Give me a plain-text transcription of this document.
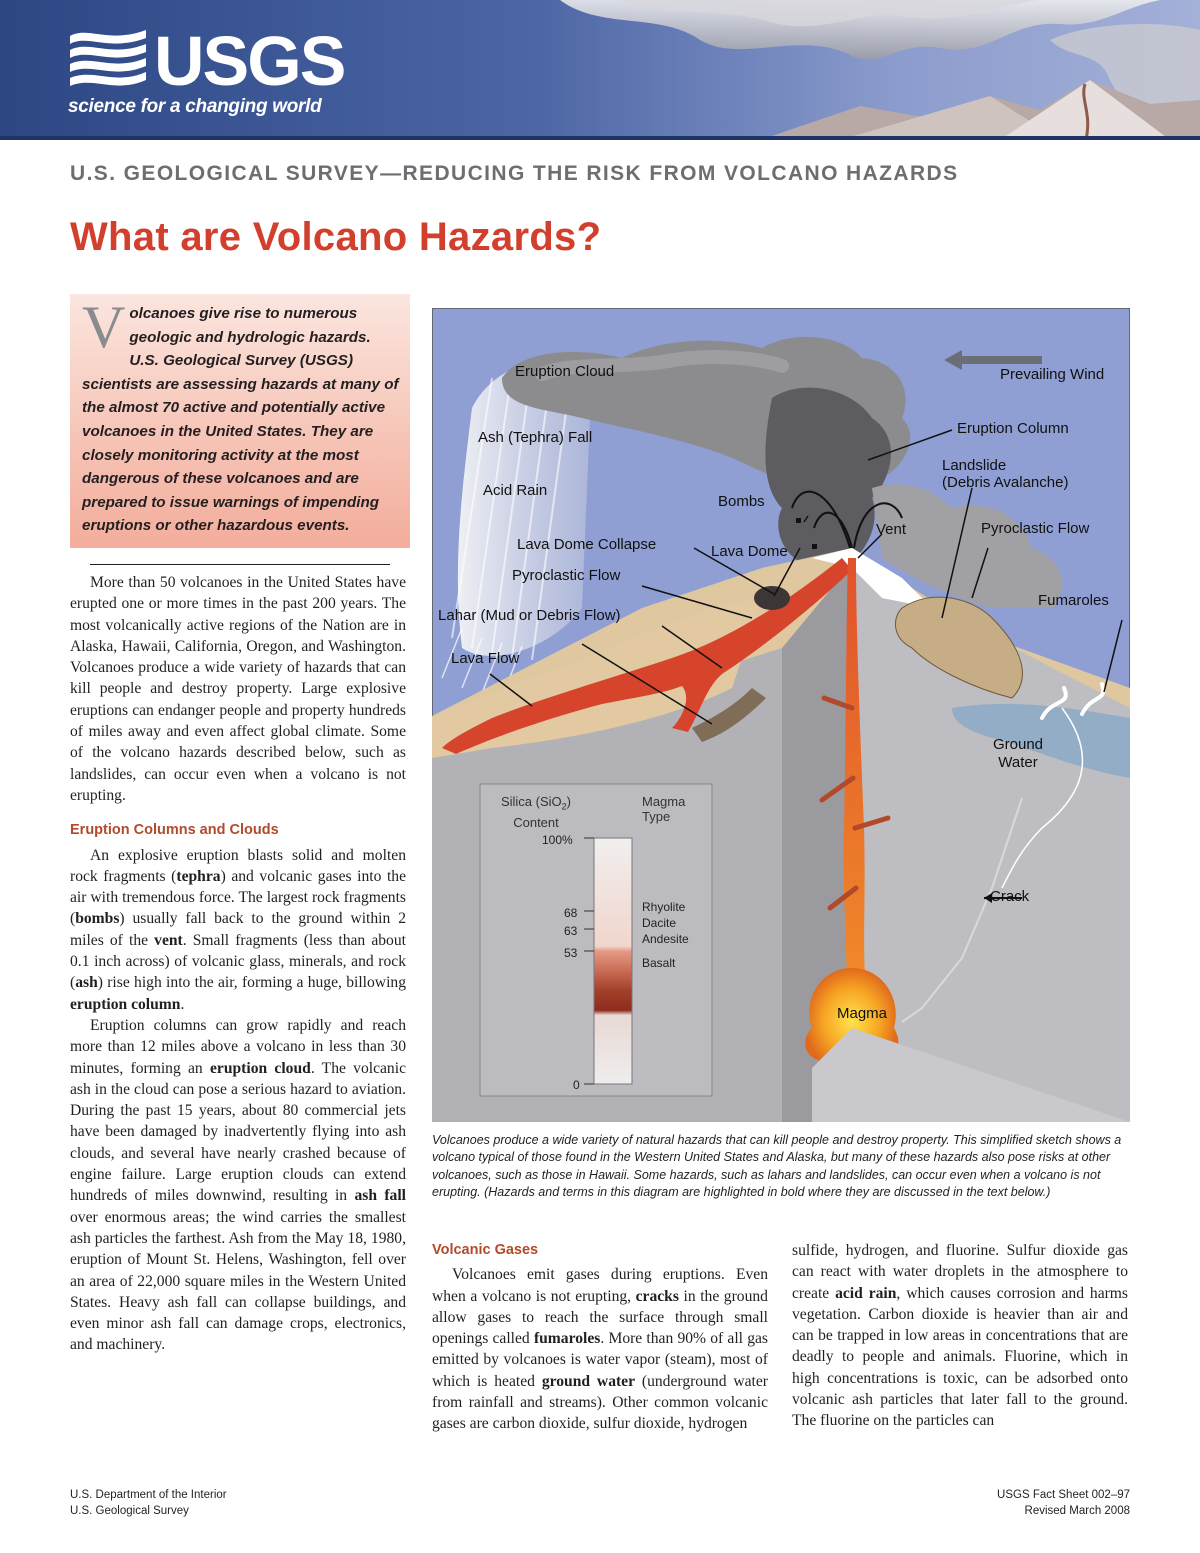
USGS
science for a changing world
U.S. GEOLOGICAL SURVEY—REDUCING THE RISK FROM VOLCANO HAZARDS
What are Volcano Hazards?

Volcanoes give rise to numerous geologic and hydrologic hazards. U.S. Geological Survey (USGS) scientists are assessing hazards at many of the almost 70 active and potentially active volcanoes in the United States. They are closely monitoring activity at the most dangerous of these volcanoes and are prepared to issue warnings of impending eruptions or other hazardous events.

More than 50 volcanoes in the United States have erupted one or more times in the past 200 years. The most volcanically active regions of the Nation are in Alaska, Hawaii, California, Oregon, and Washington. Volcanoes produce a wide variety of hazards that can kill people and destroy property. Large explosive eruptions can endanger people and property hundreds of miles away and even affect global climate. Some of the volcano hazards described below, such as landslides, can occur even when a volcano is not erupting.

Eruption Columns and Clouds

An explosive eruption blasts solid and molten rock fragments (tephra) and volcanic gases into the air with tremendous force. The largest rock fragments (bombs) usually fall back to the ground within 2 miles of the vent. Small fragments (less than about 0.1 inch across) of volcanic glass, minerals, and rock (ash) rise high into the air, forming a huge, billowing eruption column.

Eruption columns can grow rapidly and reach more than 12 miles above a volcano in less than 30 minutes, forming an eruption cloud. The volcanic ash in the cloud can pose a serious hazard to aviation. During the past 15 years, about 80 commercial jets have been damaged by inadvertently flying into ash clouds, and several have nearly crashed because of engine failure. Large eruption clouds can extend hundreds of miles downwind, resulting in ash fall over enormous areas; the wind carries the smallest ash particles the farthest. Ash from the May 18, 1980, eruption of Mount St. Helens, Washington, fell over an area of 22,000 square miles in the Western United States. Heavy ash fall can collapse buildings, and even minor ash fall can damage crops, electronics, and machinery.

Eruption Cloud	Prevailing Wind
Ash (Tephra) Fall
Eruption Column
Landslide
(Debris Avalanche)
Acid Rain
Bombs
Vent	Pyroclastic Flow
Lava Dome Collapse	Lava Dome
Pyroclastic Flow
Fumaroles
Lahar (Mud or Debris Flow)
Lava Flow
Ground
Water
Crack
Magma
Silica (SiO$_2$)
Content
Magma
Type
100%
68
63
53
0
Rhyolite
Dacite
Andesite
Basalt
Volcanoes produce a wide variety of natural hazards that can kill people and destroy property. This simplified sketch shows a volcano typical of those found in the Western United States and Alaska, but many of these hazards also pose risks at other volcanoes, such as those in Hawaii. Some hazards, such as lahars and landslides, can occur even when a volcano is not erupting. (Hazards and terms in this diagram are highlighted in bold where they are discussed in the text below.)
Volcanic Gases

Volcanoes emit gases during eruptions. Even when a volcano is not erupting, cracks in the ground allow gases to reach the surface through small openings called fumaroles. More than 90% of all gas emitted by volcanoes is water vapor (steam), most of which is heated ground water (underground water from rainfall and streams). Other common volcanic gases are carbon dioxide, sulfur dioxide, hydrogen

sulfide, hydrogen, and fluorine. Sulfur dioxide gas can react with water droplets in the atmosphere to create acid rain, which causes corrosion and harms vegetation. Carbon dioxide is heavier than air and can be trapped in low areas in concentrations that are deadly to people and animals. Fluorine, which in high concentrations is toxic, can be adsorbed onto volcanic ash particles that later fall to the ground. The fluorine on the particles can

U.S. Department of the Interior
U.S. Geological Survey
USGS Fact Sheet 002–97
Revised March 2008
